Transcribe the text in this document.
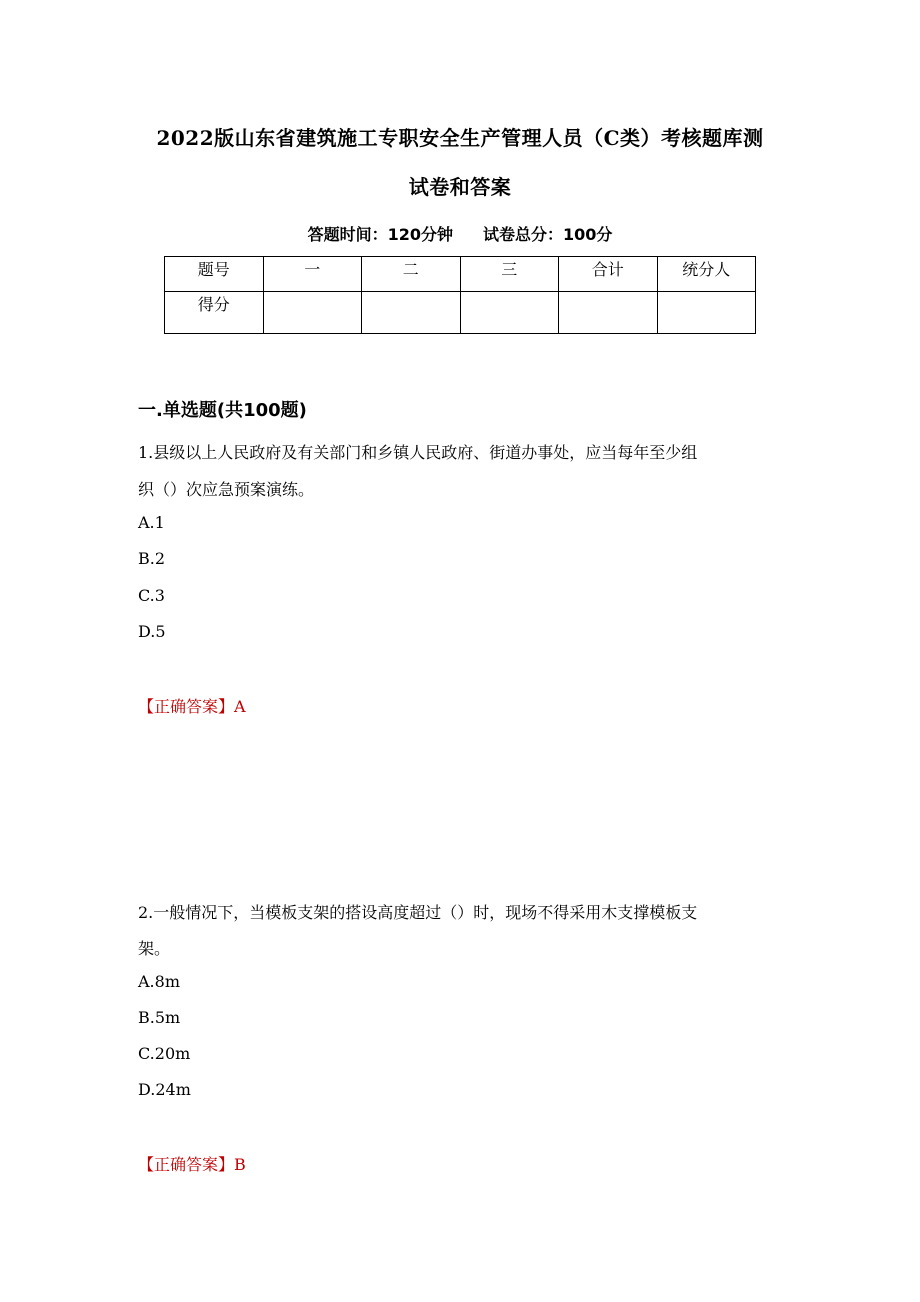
2022版山东省建筑施工专职安全生产管理人员（C类）考核题库测
试卷和答案
答题时间：120分钟 试卷总分：100分
题号	一	二	三	合计	统分人
得分					
一.单选题(共100题)
1.县级以上人民政府及有关部门和乡镇人民政府、街道办事处，应当每年至少组
织（）次应急预案演练。
A.1
B.2
C.3
D.5
【正确答案】A
2.一般情况下，当模板支架的搭设高度超过（）时，现场不得采用木支撑模板支
架。
A.8m
B.5m
C.20m
D.24m
【正确答案】B
